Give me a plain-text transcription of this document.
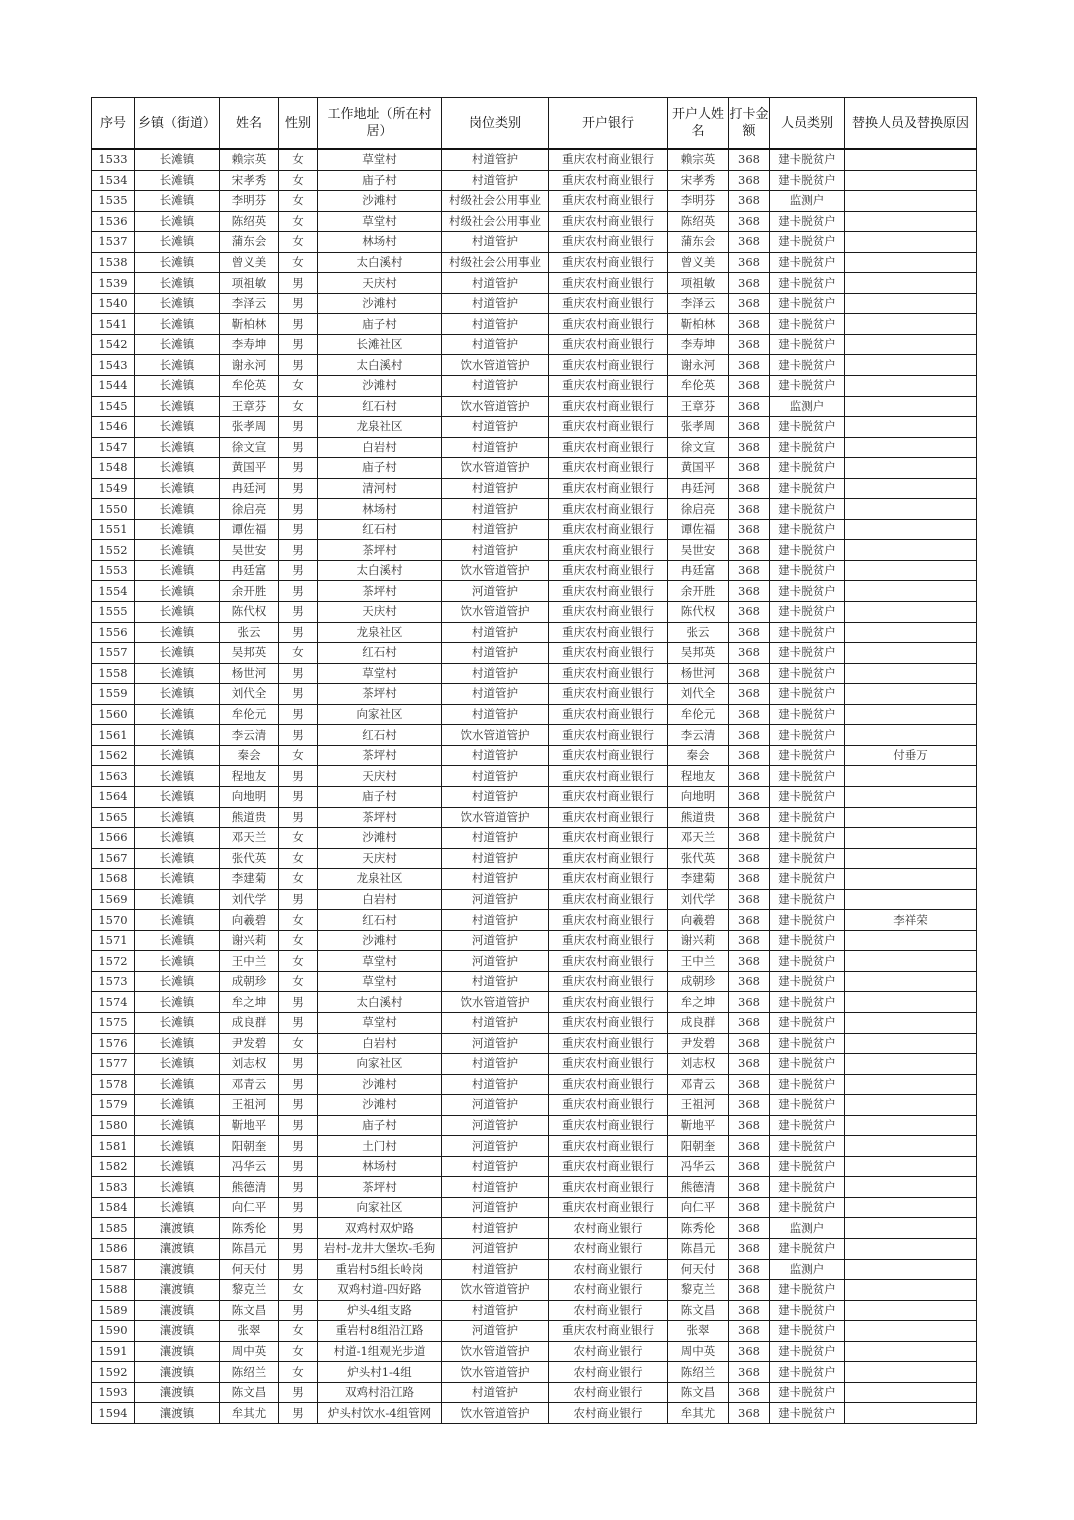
序号	乡镇（街道）	姓名	性别	工作地址（所在村居）	岗位类别	开户银行	开户人姓名	打卡金额	人员类别	替换人员及替换原因
1533	长滩镇	赖宗英	女	草堂村	村道管护	重庆农村商业银行	赖宗英	368	建卡脱贫户	
1534	长滩镇	宋孝秀	女	庙子村	村道管护	重庆农村商业银行	宋孝秀	368	建卡脱贫户	
1535	长滩镇	李明芬	女	沙滩村	村级社会公用事业	重庆农村商业银行	李明芬	368	监测户	
1536	长滩镇	陈绍英	女	草堂村	村级社会公用事业	重庆农村商业银行	陈绍英	368	建卡脱贫户	
1537	长滩镇	蒲东会	女	林场村	村道管护	重庆农村商业银行	蒲东会	368	建卡脱贫户	
1538	长滩镇	曾义美	女	太白溪村	村级社会公用事业	重庆农村商业银行	曾义美	368	建卡脱贫户	
1539	长滩镇	项祖敏	男	天庆村	村道管护	重庆农村商业银行	项祖敏	368	建卡脱贫户	
1540	长滩镇	李泽云	男	沙滩村	村道管护	重庆农村商业银行	李泽云	368	建卡脱贫户	
1541	长滩镇	靳柏林	男	庙子村	村道管护	重庆农村商业银行	靳柏林	368	建卡脱贫户	
1542	长滩镇	李寿坤	男	长滩社区	村道管护	重庆农村商业银行	李寿坤	368	建卡脱贫户	
1543	长滩镇	谢永河	男	太白溪村	饮水管道管护	重庆农村商业银行	谢永河	368	建卡脱贫户	
1544	长滩镇	牟伦英	女	沙滩村	村道管护	重庆农村商业银行	牟伦英	368	建卡脱贫户	
1545	长滩镇	王章芬	女	红石村	饮水管道管护	重庆农村商业银行	王章芬	368	监测户	
1546	长滩镇	张孝周	男	龙泉社区	村道管护	重庆农村商业银行	张孝周	368	建卡脱贫户	
1547	长滩镇	徐文宣	男	白岩村	村道管护	重庆农村商业银行	徐文宣	368	建卡脱贫户	
1548	长滩镇	黄国平	男	庙子村	饮水管道管护	重庆农村商业银行	黄国平	368	建卡脱贫户	
1549	长滩镇	冉廷河	男	清河村	村道管护	重庆农村商业银行	冉廷河	368	建卡脱贫户	
1550	长滩镇	徐启亮	男	林场村	村道管护	重庆农村商业银行	徐启亮	368	建卡脱贫户	
1551	长滩镇	谭佐福	男	红石村	村道管护	重庆农村商业银行	谭佐福	368	建卡脱贫户	
1552	长滩镇	吴世安	男	茶坪村	村道管护	重庆农村商业银行	吴世安	368	建卡脱贫户	
1553	长滩镇	冉廷富	男	太白溪村	饮水管道管护	重庆农村商业银行	冉廷富	368	建卡脱贫户	
1554	长滩镇	余开胜	男	茶坪村	河道管护	重庆农村商业银行	余开胜	368	建卡脱贫户	
1555	长滩镇	陈代权	男	天庆村	饮水管道管护	重庆农村商业银行	陈代权	368	建卡脱贫户	
1556	长滩镇	张云	男	龙泉社区	村道管护	重庆农村商业银行	张云	368	建卡脱贫户	
1557	长滩镇	吴邦英	女	红石村	村道管护	重庆农村商业银行	吴邦英	368	建卡脱贫户	
1558	长滩镇	杨世河	男	草堂村	村道管护	重庆农村商业银行	杨世河	368	建卡脱贫户	
1559	长滩镇	刘代全	男	茶坪村	村道管护	重庆农村商业银行	刘代全	368	建卡脱贫户	
1560	长滩镇	牟伦元	男	向家社区	村道管护	重庆农村商业银行	牟伦元	368	建卡脱贫户	
1561	长滩镇	李云清	男	红石村	饮水管道管护	重庆农村商业银行	李云清	368	建卡脱贫户	
1562	长滩镇	秦会	女	茶坪村	村道管护	重庆农村商业银行	秦会	368	建卡脱贫户	付垂万
1563	长滩镇	程地友	男	天庆村	村道管护	重庆农村商业银行	程地友	368	建卡脱贫户	
1564	长滩镇	向地明	男	庙子村	村道管护	重庆农村商业银行	向地明	368	建卡脱贫户	
1565	长滩镇	熊道贵	男	茶坪村	饮水管道管护	重庆农村商业银行	熊道贵	368	建卡脱贫户	
1566	长滩镇	邓天兰	女	沙滩村	村道管护	重庆农村商业银行	邓天兰	368	建卡脱贫户	
1567	长滩镇	张代英	女	天庆村	村道管护	重庆农村商业银行	张代英	368	建卡脱贫户	
1568	长滩镇	李建菊	女	龙泉社区	村道管护	重庆农村商业银行	李建菊	368	建卡脱贫户	
1569	长滩镇	刘代学	男	白岩村	河道管护	重庆农村商业银行	刘代学	368	建卡脱贫户	
1570	长滩镇	向羲碧	女	红石村	村道管护	重庆农村商业银行	向羲碧	368	建卡脱贫户	李祥荣
1571	长滩镇	谢兴莉	女	沙滩村	河道管护	重庆农村商业银行	谢兴莉	368	建卡脱贫户	
1572	长滩镇	王中兰	女	草堂村	河道管护	重庆农村商业银行	王中兰	368	建卡脱贫户	
1573	长滩镇	成朝珍	女	草堂村	村道管护	重庆农村商业银行	成朝珍	368	建卡脱贫户	
1574	长滩镇	牟之坤	男	太白溪村	饮水管道管护	重庆农村商业银行	牟之坤	368	建卡脱贫户	
1575	长滩镇	成良群	男	草堂村	村道管护	重庆农村商业银行	成良群	368	建卡脱贫户	
1576	长滩镇	尹发碧	女	白岩村	河道管护	重庆农村商业银行	尹发碧	368	建卡脱贫户	
1577	长滩镇	刘志权	男	向家社区	村道管护	重庆农村商业银行	刘志权	368	建卡脱贫户	
1578	长滩镇	邓青云	男	沙滩村	村道管护	重庆农村商业银行	邓青云	368	建卡脱贫户	
1579	长滩镇	王祖河	男	沙滩村	河道管护	重庆农村商业银行	王祖河	368	建卡脱贫户	
1580	长滩镇	靳地平	男	庙子村	河道管护	重庆农村商业银行	靳地平	368	建卡脱贫户	
1581	长滩镇	阳朝奎	男	土门村	河道管护	重庆农村商业银行	阳朝奎	368	建卡脱贫户	
1582	长滩镇	冯华云	男	林场村	村道管护	重庆农村商业银行	冯华云	368	建卡脱贫户	
1583	长滩镇	熊德清	男	茶坪村	村道管护	重庆农村商业银行	熊德清	368	建卡脱贫户	
1584	长滩镇	向仁平	男	向家社区	河道管护	重庆农村商业银行	向仁平	368	建卡脱贫户	
1585	瀼渡镇	陈秀伦	男	双鸡村双炉路	村道管护	农村商业银行	陈秀伦	368	监测户	
1586	瀼渡镇	陈昌元	男	岩村-龙井大堡坎-毛狗	河道管护	农村商业银行	陈昌元	368	建卡脱贫户	
1587	瀼渡镇	何天付	男	重岩村5组长岭岗	村道管护	农村商业银行	何天付	368	监测户	
1588	瀼渡镇	黎克兰	女	双鸡村道-四好路	饮水管道管护	农村商业银行	黎克兰	368	建卡脱贫户	
1589	瀼渡镇	陈文昌	男	炉头4组支路	村道管护	农村商业银行	陈文昌	368	建卡脱贫户	
1590	瀼渡镇	张翠	女	重岩村8组沿江路	河道管护	重庆农村商业银行	张翠	368	建卡脱贫户	
1591	瀼渡镇	周中英	女	村道-1组观光步道	饮水管道管护	农村商业银行	周中英	368	建卡脱贫户	
1592	瀼渡镇	陈绍兰	女	炉头村1-4组	饮水管道管护	农村商业银行	陈绍兰	368	建卡脱贫户	
1593	瀼渡镇	陈文昌	男	双鸡村沿江路	村道管护	农村商业银行	陈文昌	368	建卡脱贫户	
1594	瀼渡镇	牟其尤	男	炉头村饮水-4组管网	饮水管道管护	农村商业银行	牟其尤	368	建卡脱贫户	
